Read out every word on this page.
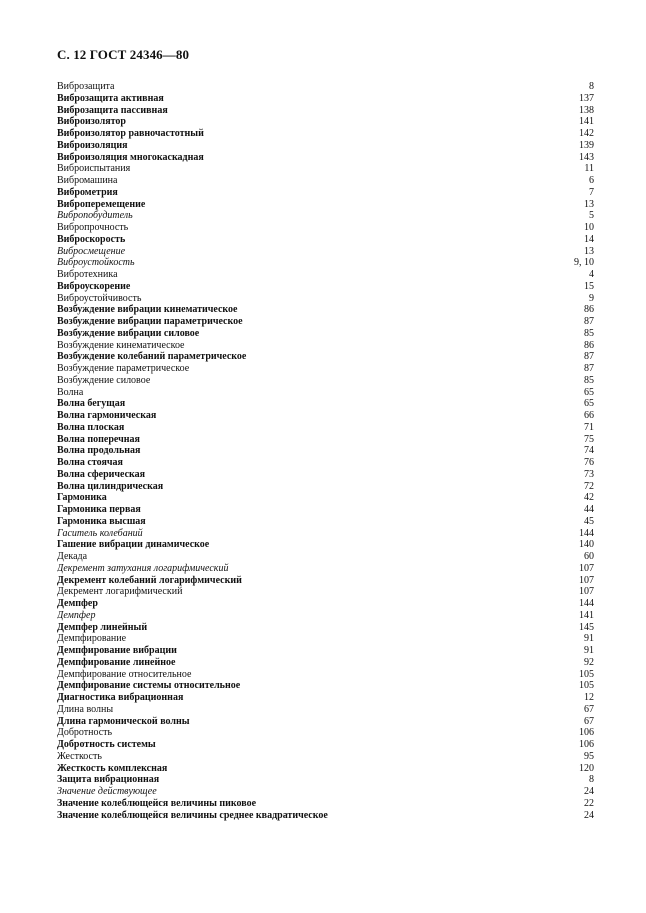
С. 12 ГОСТ 24346—80
Виброзащита	8
Виброзащита активная	137
Виброзащита пассивная	138
Виброизолятор	141
Виброизолятор равночастотный	142
Виброизоляция	139
Виброизоляция многокаскадная	143
Виброиспытания	11
Вибромашина	6
Виброметрия	7
Виброперемещение	13
Вибропобудитель	5
Вибропрочность	10
Виброскорость	14
Вибросмещение	13
Виброустойкость	9, 10
Вибротехника	4
Виброускорение	15
Виброустойчивость	9
Возбуждение вибрации кинематическое	86
Возбуждение вибрации параметрическое	87
Возбуждение вибрации силовое	85
Возбуждение кинематическое	86
Возбуждение колебаний параметрическое	87
Возбуждение параметрическое	87
Возбуждение силовое	85
Волна	65
Волна бегущая	65
Волна гармоническая	66
Волна плоская	71
Волна поперечная	75
Волна продольная	74
Волна стоячая	76
Волна сферическая	73
Волна цилиндрическая	72
Гармоника	42
Гармоника первая	44
Гармоника высшая	45
Гаситель колебаний	144
Гашение вибрации динамическое	140
Декада	60
Декремент затухания логарифмический	107
Декремент колебаний логарифмический	107
Декремент логарифмический	107
Демпфер	144
Демпфер	141
Демпфер линейный	145
Демпфирование	91
Демпфирование вибрации	91
Демпфирование линейное	92
Демпфирование относительное	105
Демпфирование системы относительное	105
Диагностика вибрационная	12
Длина волны	67
Длина гармонической волны	67
Добротность	106
Добротность системы	106
Жесткость	95
Жесткость комплексная	120
Защита вибрационная	8
Значение действующее	24
Значение колеблющейся величины пиковое	22
Значение колеблющейся величины среднее квадратическое	24
